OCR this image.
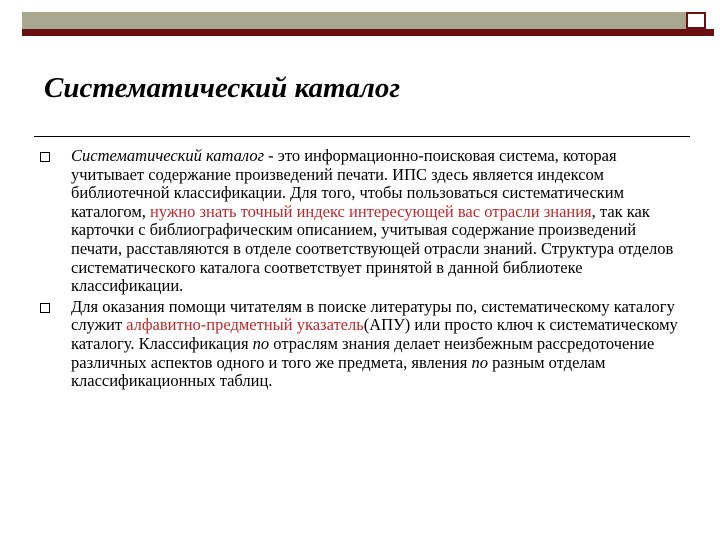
Систематический каталог
Систематический каталог - это информационно-поисковая система, которая учитывает содержание произведений печати. ИПС здесь является индексом библиотечной классификации. Для того, чтобы пользоваться систематическим каталогом, нужно знать точный индекс интересующей вас отрасли знания, так как карточки с библиографическим описанием, учитывая содержание произведений печати, расставляются в отделе соответствующей отрасли знаний. Структура отделов систематического каталога соответствует принятой в данной библиотеке классификации.
Для оказания помощи читателям в поиске литературы по, систематическому каталогу служит алфавитно-предметный указатель(АПУ) или просто ключ к систематическому каталогу. Классификация по отраслям знания делает неизбежным рассредоточение различных аспектов одного и того же предмета, явления по разным отделам классификационных таблиц.
